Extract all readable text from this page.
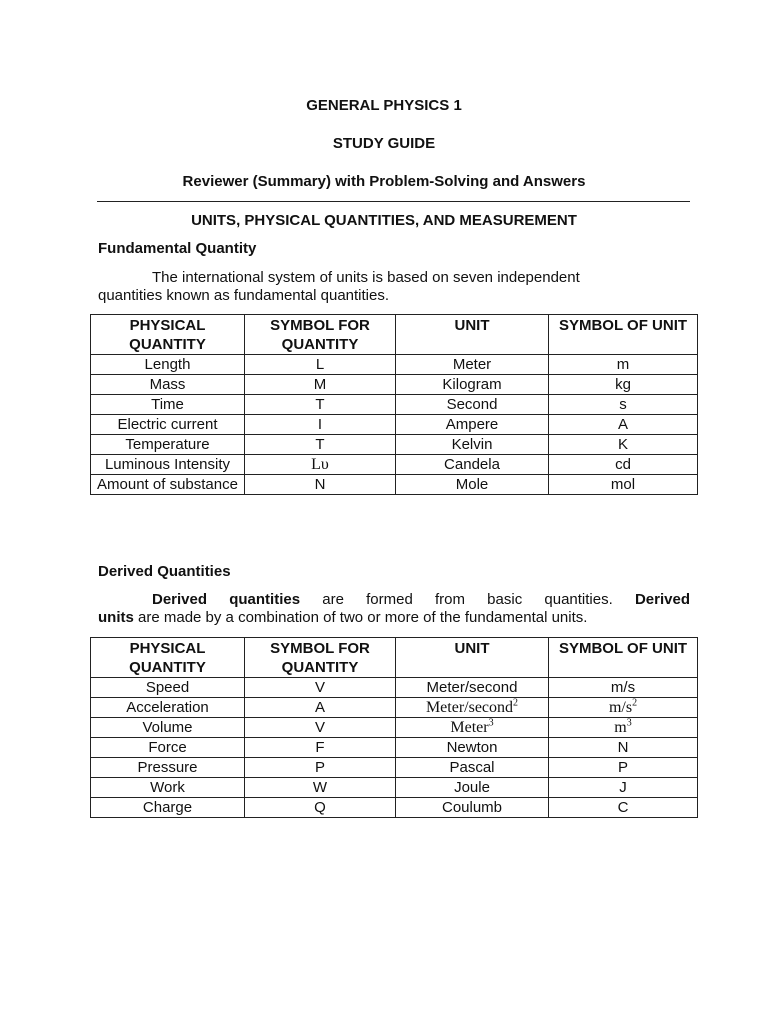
GENERAL PHYSICS 1
STUDY GUIDE
Reviewer (Summary) with Problem-Solving and Answers
UNITS, PHYSICAL QUANTITIES, AND MEASUREMENT
Fundamental Quantity
The international system of units is based on seven independent
quantities known as fundamental quantities.
PHYSICAL QUANTITY	SYMBOL FOR QUANTITY	UNIT	SYMBOL OF UNIT
Length	L	Meter	m
Mass	M	Kilogram	kg
Time	T	Second	s
Electric current	I	Ampere	A
Temperature	T	Kelvin	K
Luminous Intensity	Lυ	Candela	cd
Amount of substance	N	Mole	mol
Derived Quantities
Derived quantities are formed from basic quantities. Derived
units are made by a combination of two or more of the fundamental units.
PHYSICAL QUANTITY	SYMBOL FOR QUANTITY	UNIT	SYMBOL OF UNIT
Speed	V	Meter/second	m/s
Acceleration	A	Meter/second$^2$	$m/s^2$
Volume	V	Meter$^3$	$m^3$
Force	F	Newton	N
Pressure	P	Pascal	P
Work	W	Joule	J
Charge	Q	Coulumb	C
